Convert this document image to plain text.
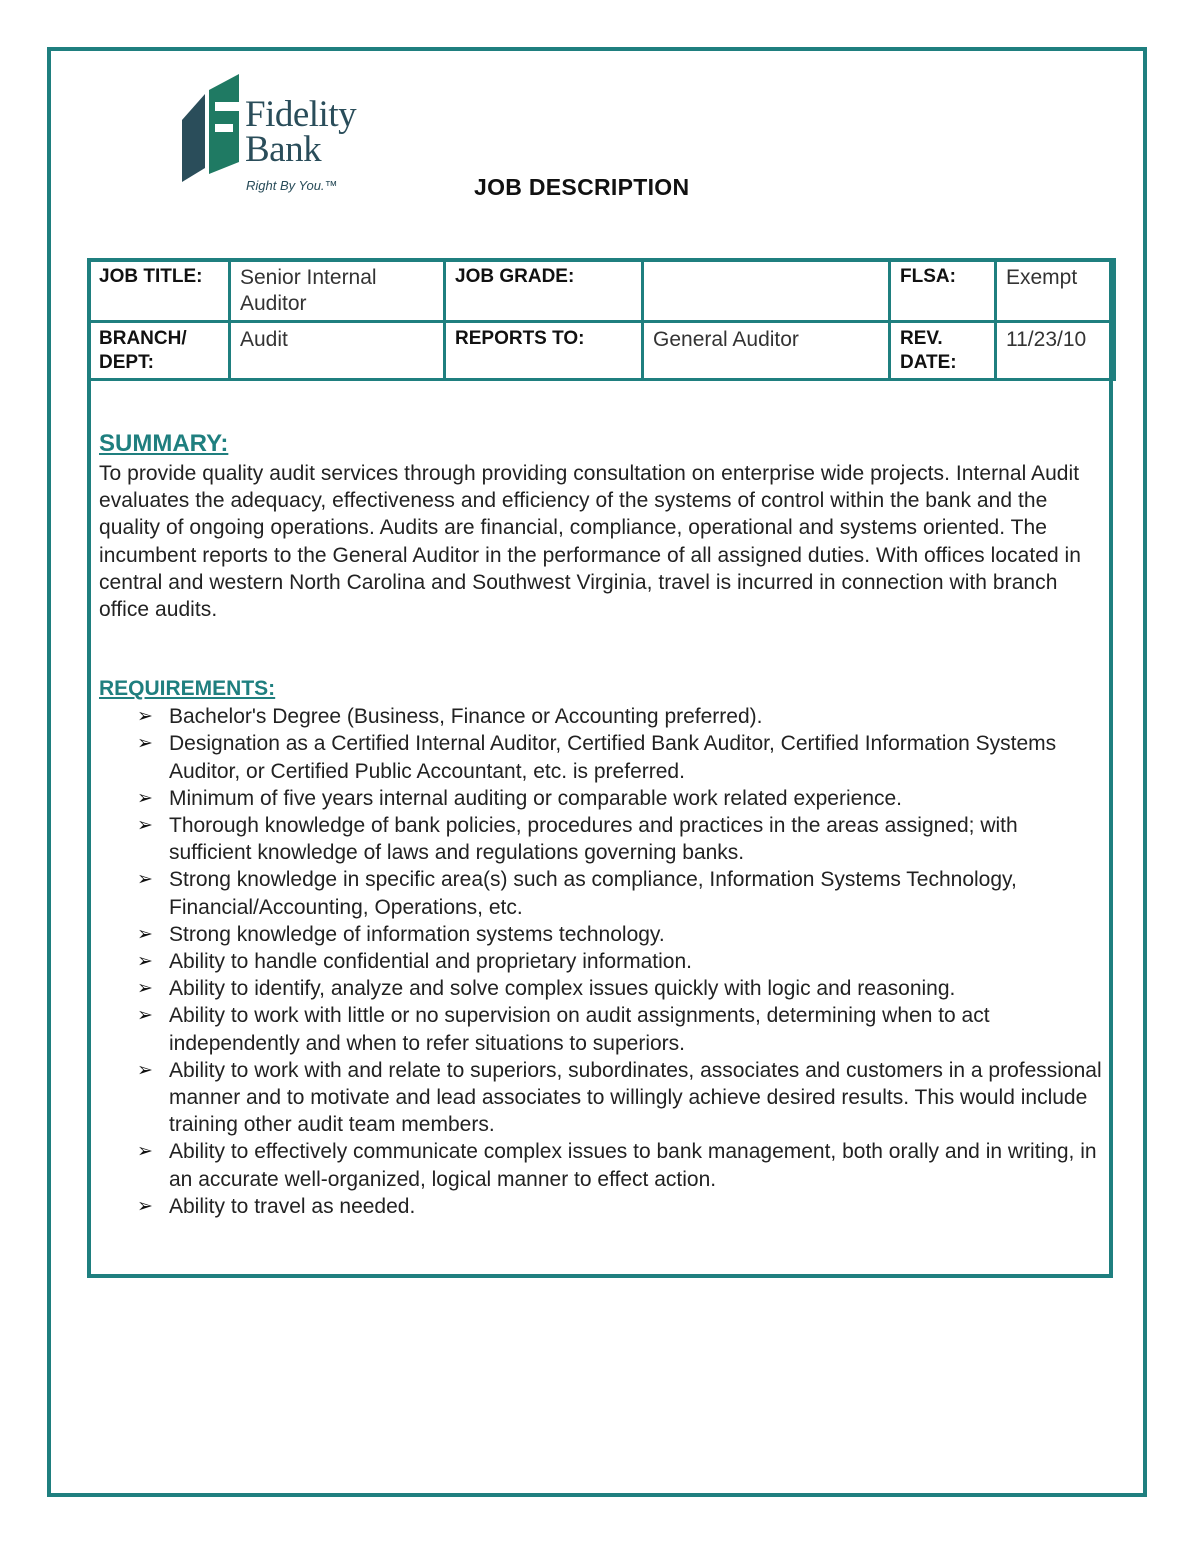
Fidelity
Bank
Right By You.™	JOB DESCRIPTION
JOB TITLE:	Senior Internal Auditor	JOB GRADE:		FLSA:	Exempt
BRANCH/ DEPT:	Audit	REPORTS TO:	General Auditor	REV. DATE:	11/23/10

SUMMARY:

To provide quality audit services through providing consultation on enterprise wide projects. Internal Audit evaluates the adequacy, effectiveness and efficiency of the systems of control within the bank and the quality of ongoing operations. Audits are financial, compliance, operational and systems oriented. The incumbent reports to the General Auditor in the performance of all assigned duties. With offices located in central and western North Carolina and Southwest Virginia, travel is incurred in connection with branch office audits.

REQUIREMENTS:

➢ Bachelor's Degree (Business, Finance or Accounting preferred).
➢ Designation as a Certified Internal Auditor, Certified Bank Auditor, Certified Information Systems Auditor, or Certified Public Accountant, etc. is preferred.
➢ Minimum of five years internal auditing or comparable work related experience.
➢ Thorough knowledge of bank policies, procedures and practices in the areas assigned; with sufficient knowledge of laws and regulations governing banks.
➢ Strong knowledge in specific area(s) such as compliance, Information Systems Technology, Financial/Accounting, Operations, etc.
➢ Strong knowledge of information systems technology.
➢ Ability to handle confidential and proprietary information.
➢ Ability to identify, analyze and solve complex issues quickly with logic and reasoning.
➢ Ability to work with little or no supervision on audit assignments, determining when to act independently and when to refer situations to superiors.
➢ Ability to work with and relate to superiors, subordinates, associates and customers in a professional manner and to motivate and lead associates to willingly achieve desired results. This would include training other audit team members.
➢ Ability to effectively communicate complex issues to bank management, both orally and in writing, in an accurate well-organized, logical manner to effect action.
➢ Ability to travel as needed.
